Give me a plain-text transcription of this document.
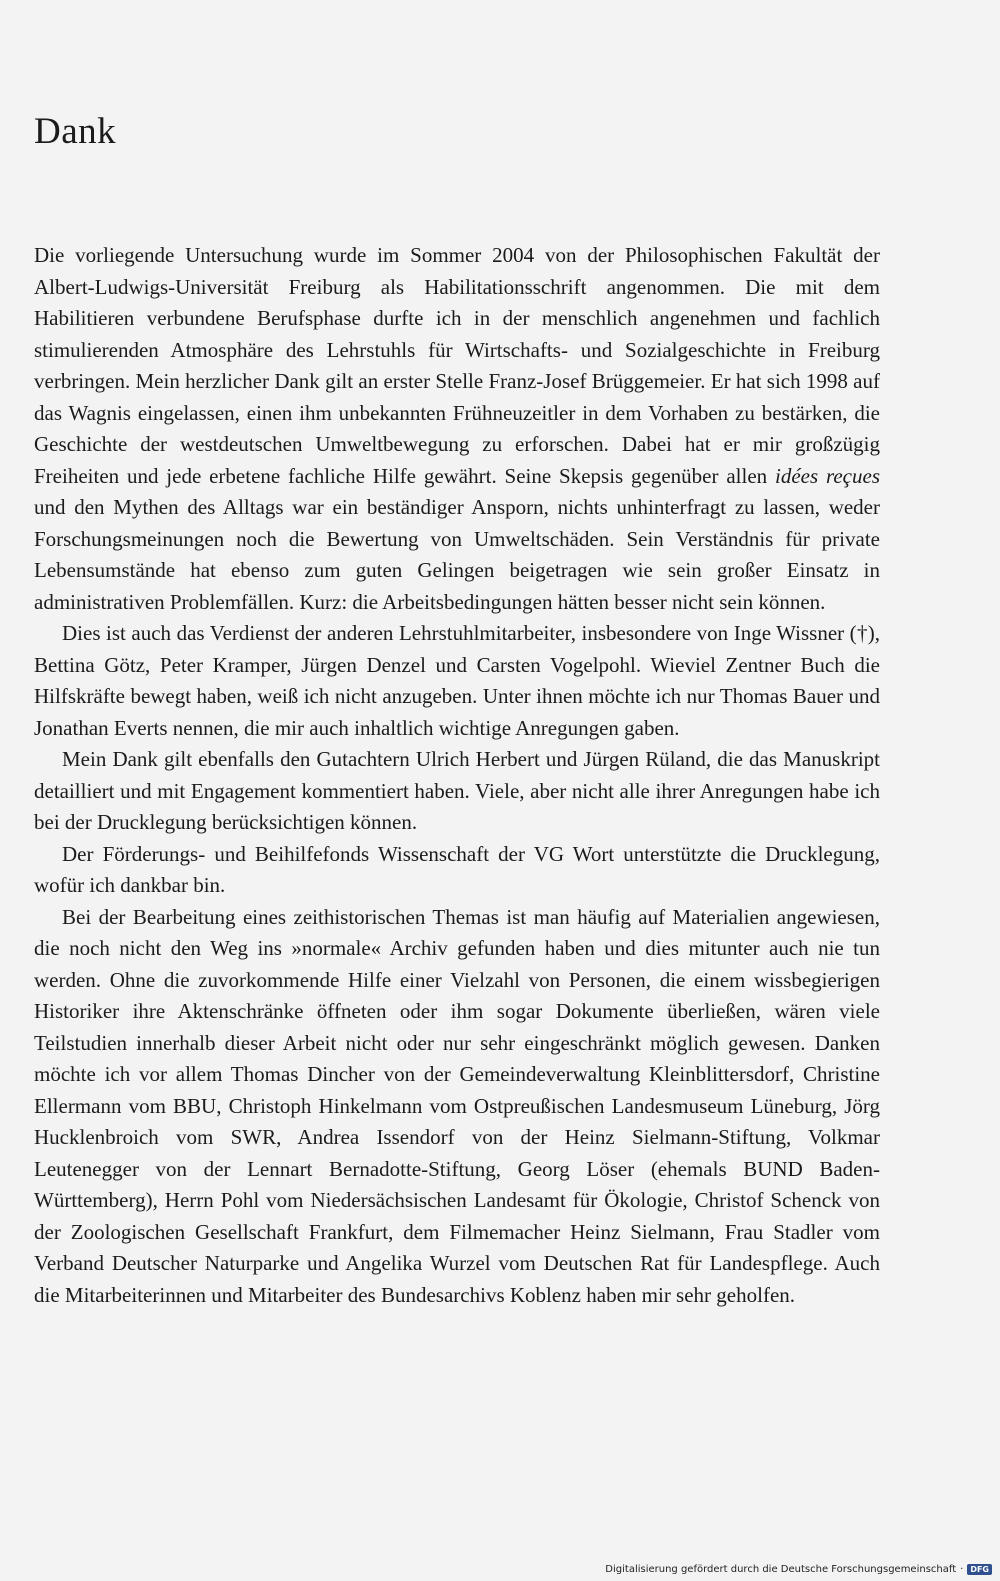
Dank

Die vorliegende Untersuchung wurde im Sommer 2004 von der Philosophischen Fakultät der Albert-Ludwigs-Universität Freiburg als Habilitationsschrift angenommen. Die mit dem Habilitieren verbundene Berufsphase durfte ich in der menschlich angenehmen und fachlich stimulierenden Atmosphäre des Lehrstuhls für Wirtschafts- und Sozialgeschichte in Freiburg verbringen. Mein herzlicher Dank gilt an erster Stelle Franz-Josef Brüggemeier. Er hat sich 1998 auf das Wagnis eingelassen, einen ihm unbekannten Frühneuzeitler in dem Vorhaben zu bestärken, die Geschichte der westdeutschen Umweltbewegung zu erforschen. Dabei hat er mir großzügig Freiheiten und jede erbetene fachliche Hilfe gewährt. Seine Skepsis gegenüber allen idées reçues und den Mythen des Alltags war ein beständiger Ansporn, nichts unhinterfragt zu lassen, weder Forschungsmeinungen noch die Bewertung von Umweltschäden. Sein Verständnis für private Lebensumstände hat ebenso zum guten Gelingen beigetragen wie sein großer Einsatz in administrativen Problemfällen. Kurz: die Arbeitsbedingungen hätten besser nicht sein können.

Dies ist auch das Verdienst der anderen Lehrstuhlmitarbeiter, insbesondere von Inge Wissner (†), Bettina Götz, Peter Kramper, Jürgen Denzel und Carsten Vogelpohl. Wieviel Zentner Buch die Hilfskräfte bewegt haben, weiß ich nicht anzugeben. Unter ihnen möchte ich nur Thomas Bauer und Jonathan Everts nennen, die mir auch inhaltlich wichtige Anregungen gaben.

Mein Dank gilt ebenfalls den Gutachtern Ulrich Herbert und Jürgen Rüland, die das Manuskript detailliert und mit Engagement kommentiert haben. Viele, aber nicht alle ihrer Anregungen habe ich bei der Drucklegung berücksichtigen können.

Der Förderungs- und Beihilfefonds Wissenschaft der VG Wort unterstützte die Drucklegung, wofür ich dankbar bin.

Bei der Bearbeitung eines zeithistorischen Themas ist man häufig auf Materialien angewiesen, die noch nicht den Weg ins »normale« Archiv gefunden haben und dies mitunter auch nie tun werden. Ohne die zuvorkommende Hilfe einer Vielzahl von Personen, die einem wissbegierigen Historiker ihre Aktenschränke öffneten oder ihm sogar Dokumente überließen, wären viele Teilstudien innerhalb dieser Arbeit nicht oder nur sehr eingeschränkt möglich gewesen. Danken möchte ich vor allem Thomas Dincher von der Gemeindeverwaltung Kleinblittersdorf, Christine Ellermann vom BBU, Christoph Hinkelmann vom Ostpreußischen Landesmuseum Lüneburg, Jörg Hucklenbroich vom SWR, Andrea Issendorf von der Heinz Sielmann-Stiftung, Volkmar Leutenegger von der Lennart Bernadotte-Stiftung, Georg Löser (ehemals BUND Baden-Württemberg), Herrn Pohl vom Niedersächsischen Landesamt für Ökologie, Christof Schenck von der Zoologischen Gesellschaft Frankfurt, dem Filmemacher Heinz Sielmann, Frau Stadler vom Verband Deutscher Naturparke und Angelika Wurzel vom Deutschen Rat für Landespflege. Auch die Mitarbeiterinnen und Mitarbeiter des Bundesarchivs Koblenz haben mir sehr geholfen.

Digitalisierung gefördert durch die Deutsche Forschungsgemeinschaft · DFG
